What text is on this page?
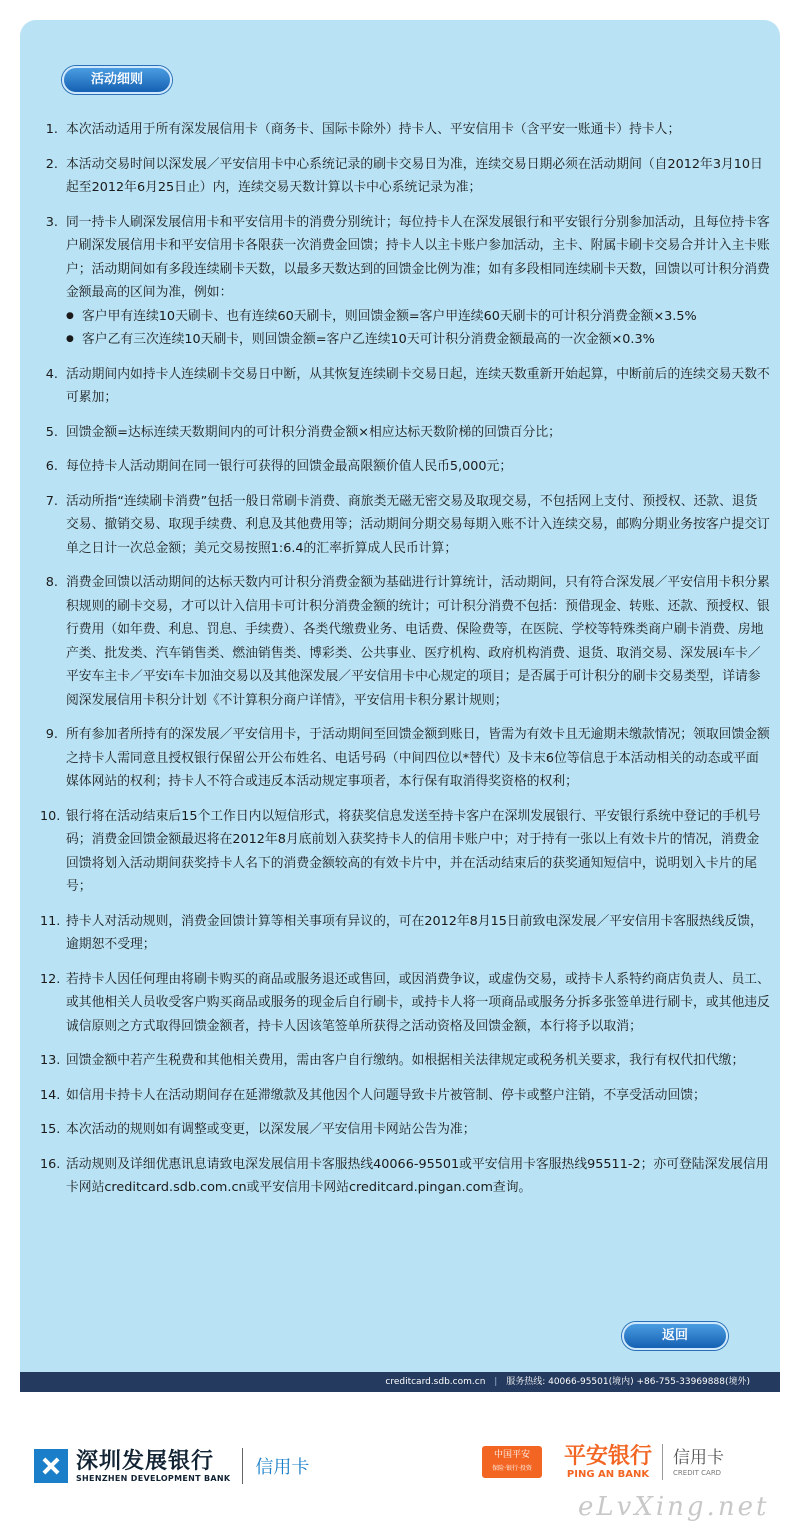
活动细则
1. 本次活动适用于所有深发展信用卡（商务卡、国际卡除外）持卡人、平安信用卡（含平安一账通卡）持卡人；
2. 本活动交易时间以深发展／平安信用卡中心系统记录的刷卡交易日为准，连续交易日期必须在活动期间（自2012年3月10日起至2012年6月25日止）内，连续交易天数计算以卡中心系统记录为准；
3. 同一持卡人刷深发展信用卡和平安信用卡的消费分别统计；每位持卡人在深发展银行和平安银行分别参加活动，且每位持卡客户刷深发展信用卡和平安信用卡各限获一次消费金回馈；持卡人以主卡账户参加活动，主卡、附属卡刷卡交易合并计入主卡账户；活动期间如有多段连续刷卡天数，以最多天数达到的回馈金比例为准；如有多段相同连续刷卡天数，回馈以可计积分消费金额最高的区间为准，例如：
● 客户甲有连续10天刷卡、也有连续60天刷卡，则回馈金额=客户甲连续60天刷卡的可计积分消费金额×3.5%
● 客户乙有三次连续10天刷卡，则回馈金额=客户乙连续10天可计积分消费金额最高的一次金额×0.3%
4. 活动期间内如持卡人连续刷卡交易日中断，从其恢复连续刷卡交易日起，连续天数重新开始起算，中断前后的连续交易天数不可累加；
5. 回馈金额=达标连续天数期间内的可计积分消费金额×相应达标天数阶梯的回馈百分比；
6. 每位持卡人活动期间在同一银行可获得的回馈金最高限额价值人民币5,000元；
7. 活动所指“连续刷卡消费”包括一般日常刷卡消费、商旅类无磁无密交易及取现交易，不包括网上支付、预授权、还款、退货交易、撤销交易、取现手续费、利息及其他费用等；活动期间分期交易每期入账不计入连续交易，邮购分期业务按客户提交订单之日计一次总金额；美元交易按照1:6.4的汇率折算成人民币计算；
8. 消费金回馈以活动期间的达标天数内可计积分消费金额为基础进行计算统计，活动期间，只有符合深发展／平安信用卡积分累积规则的刷卡交易，才可以计入信用卡可计积分消费金额的统计；可计积分消费不包括：预借现金、转账、还款、预授权、银行费用（如年费、利息、罚息、手续费）、各类代缴费业务、电话费、保险费等，在医院、学校等特殊类商户刷卡消费、房地产类、批发类、汽车销售类、燃油销售类、博彩类、公共事业、医疗机构、政府机构消费、退货、取消交易、深发展i车卡／平安车主卡／平安i车卡加油交易以及其他深发展／平安信用卡中心规定的项目；是否属于可计积分的刷卡交易类型，详请参阅深发展信用卡积分计划《不计算积分商户详情》，平安信用卡积分累计规则；
9. 所有参加者所持有的深发展／平安信用卡，于活动期间至回馈金额到账日，皆需为有效卡且无逾期未缴款情况；领取回馈金额之持卡人需同意且授权银行保留公开公布姓名、电话号码（中间四位以*替代）及卡末6位等信息于本活动相关的动态或平面媒体网站的权利；持卡人不符合或违反本活动规定事项者，本行保有取消得奖资格的权利；
10. 银行将在活动结束后15个工作日内以短信形式，将获奖信息发送至持卡客户在深圳发展银行、平安银行系统中登记的手机号码；消费金回馈金额最迟将在2012年8月底前划入获奖持卡人的信用卡账户中；对于持有一张以上有效卡片的情况，消费金回馈将划入活动期间获奖持卡人名下的消费金额较高的有效卡片中，并在活动结束后的获奖通知短信中，说明划入卡片的尾号；
11. 持卡人对活动规则，消费金回馈计算等相关事项有异议的，可在2012年8月15日前致电深发展／平安信用卡客服热线反馈，逾期恕不受理；
12. 若持卡人因任何理由将刷卡购买的商品或服务退还或售回，或因消费争议，或虚伪交易，或持卡人系特约商店负责人、员工、或其他相关人员收受客户购买商品或服务的现金后自行刷卡，或持卡人将一项商品或服务分拆多张签单进行刷卡，或其他违反诚信原则之方式取得回馈金额者，持卡人因该笔签单所获得之活动资格及回馈金额，本行将予以取消；
13. 回馈金额中若产生税费和其他相关费用，需由客户自行缴纳。如根据相关法律规定或税务机关要求，我行有权代扣代缴；
14. 如信用卡持卡人在活动期间存在延滞缴款及其他因个人问题导致卡片被管制、停卡或整户注销，不享受活动回馈；
15. 本次活动的规则如有调整或变更，以深发展／平安信用卡网站公告为准；
16. 活动规则及详细优惠讯息请致电深发展信用卡客服热线40066-95501或平安信用卡客服热线95511-2；亦可登陆深发展信用卡网站creditcard.sdb.com.cn或平安信用卡网站creditcard.pingan.com查询。
返回
creditcard.sdb.com.cn | 服务热线: 40066-95501(境内) +86-755-33969888(境外)
深圳发展银行
SHENZHEN DEVELOPMENT BANK 信用卡
中国平安
保险·银行·投资	平安银行
PING AN BANK
信用卡
CREDIT CARD
eLvXing.net
